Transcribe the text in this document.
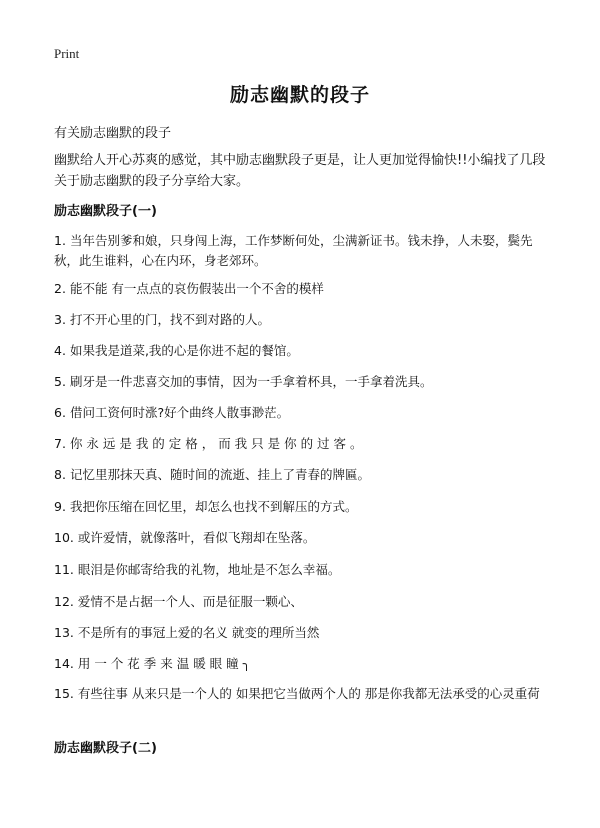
Print
励志幽默的段子

有关励志幽默的段子

幽默给人开心苏爽的感觉，其中励志幽默段子更是，让人更加觉得愉快!!小编找了几段关于励志幽默的段子分享给大家。

励志幽默段子(一)

1. 当年告别爹和娘，只身闯上海，工作梦断何处，尘满新证书。钱未挣，人未娶，鬓先秋，此生谁料，心在内环，身老郊环。

2. 能不能 有一点点的哀伤假装出一个不舍的模样

3. 打不开心里的门，找不到对路的人。

4. 如果我是道菜,我的心是你进不起的餐馆。

5. 刷牙是一件悲喜交加的事情，因为一手拿着杯具，一手拿着洗具。

6. 借问工资何时涨?好个曲终人散事渺茫。

7. 你 永 远 是 我 的 定 格 ， 而 我 只 是 你 的 过 客 。

8. 记忆里那抹天真、随时间的流逝、挂上了青春的牌匾。

9. 我把你压缩在回忆里，却怎么也找不到解压的方式。

10. 或许爱情，就像落叶，看似飞翔却在坠落。

11. 眼泪是你邮寄给我的礼物，地址是不怎么幸福。

12. 爱情不是占据一个人、而是征服一颗心、

13. 不是所有的事冠上爱的名义 就变的理所当然

14. 用 一 个 花 季 来 温 暖 眼 瞳 ╮

15. 有些往事 从来只是一个人的 如果把它当做两个人的 那是你我都无法承受的心灵重荷

励志幽默段子(二)
